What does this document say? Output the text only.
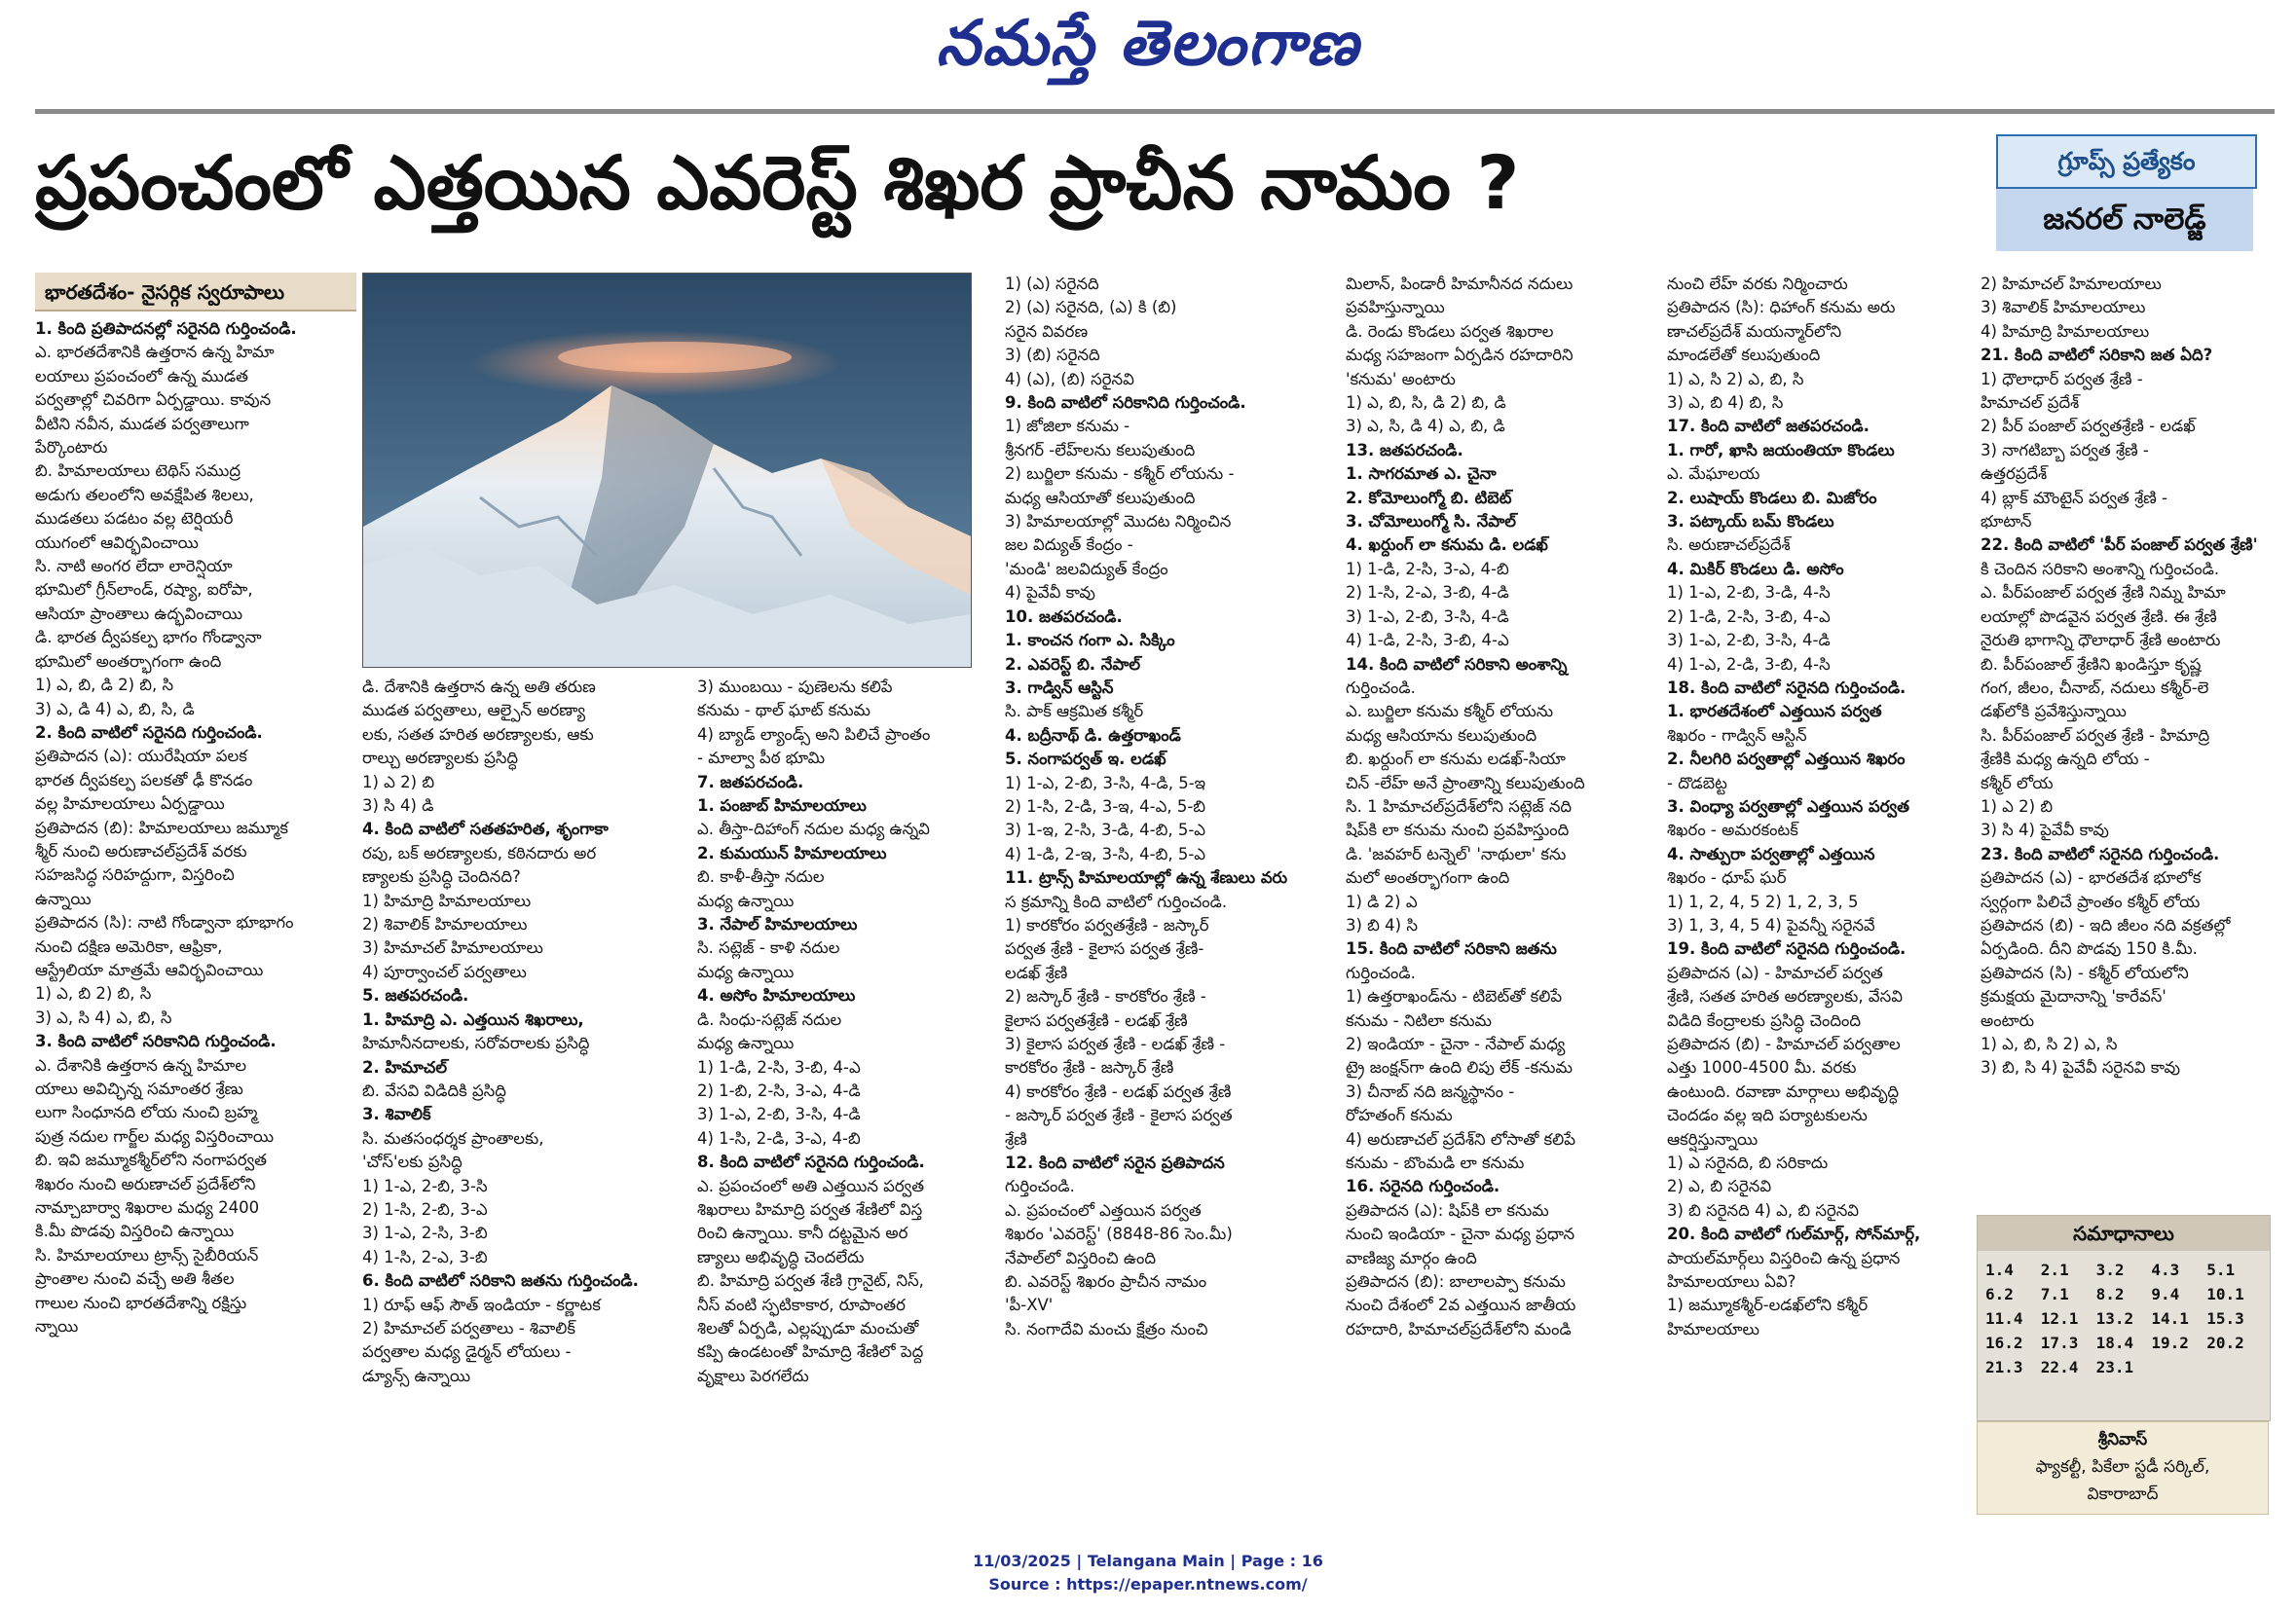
నమస్తే తెలంగాణ
ప్రపంచంలో ఎత్తయిన ఎవరెస్ట్ శిఖర ప్రాచీన నామం ?	గ్రూప్స్ ప్రత్యేకం
జనరల్ నాలెడ్జ్
భారతదేశం- నైసర్గిక స్వరూపాలు

1. కింది ప్రతిపాదనల్లో సరైనది గుర్తించండి.

ఎ. భారతదేశానికి ఉత్తరాన ఉన్న హిమా

లయాలు ప్రపంచంలో ఉన్న ముడత

పర్వతాల్లో చివరిగా ఏర్పడ్డాయి. కావున

వీటిని నవీన, ముడత పర్వతాలుగా

పేర్కొంటారు

బి. హిమాలయాలు టెథిస్ సముద్ర

అడుగు తలంలోని అవక్షేపిత శిలలు,

ముడతలు పడటం వల్ల టెర్షియరీ

యుగంలో ఆవిర్భవించాయి

సి. నాటి అంగర లేదా లారెన్షియా

భూమిలో గ్రీన్‌లాండ్, రష్యా, ఐరోపా,

ఆసియా ప్రాంతాలు ఉద్భవించాయి

డి. భారత ద్వీపకల్ప భాగం గోండ్వానా

భూమిలో అంతర్భాగంగా ఉంది

1) ఎ, బి, డి 2) బి, సి

3) ఎ, డి 4) ఎ, బి, సి, డి

2. కింది వాటిలో సరైనది గుర్తించండి.

ప్రతిపాదన (ఎ): యురేషియా పలక

భారత ద్వీపకల్ప పలకతో ఢీ కొనడం

వల్ల హిమాలయాలు ఏర్పడ్డాయి

ప్రతిపాదన (బి): హిమాలయాలు జమ్మూక

శ్మీర్ నుంచి అరుణాచల్‌ప్రదేశ్ వరకు

సహజసిద్ధ సరిహద్దుగా, విస్తరించి

ఉన్నాయి

ప్రతిపాదన (సి): నాటి గోండ్వానా భూభాగం

నుంచి దక్షిణ అమెరికా, ఆఫ్రికా,

ఆస్ట్రేలియా మాత్రమే ఆవిర్భవించాయి

1) ఎ, బి 2) బి, సి

3) ఎ, సి 4) ఎ, బి, సి

3. కింది వాటిలో సరికానిది గుర్తించండి.

ఎ. దేశానికి ఉత్తరాన ఉన్న హిమాల

యాలు అవిచ్ఛిన్న సమాంతర శ్రేణు

లుగా సింధూనది లోయ నుంచి బ్రహ్మ

పుత్ర నదుల గార్జ్‌ల మధ్య విస్తరించాయి

బి. ఇవి జమ్మూకశ్మీర్‌లోని నంగాపర్వత

శిఖరం నుంచి అరుణాచల్ ప్రదేశ్‌లోని

నామ్చాబార్వా శిఖరాల మధ్య 2400

కి.మీ పొడవు విస్తరించి ఉన్నాయి

సి. హిమాలయాలు ట్రాన్స్ సైబీరియన్

ప్రాంతాల నుంచి వచ్చే అతి శీతల

గాలుల నుంచి భారతదేశాన్ని రక్షిస్తు

న్నాయి

డి. దేశానికి ఉత్తరాన ఉన్న అతి తరుణ

ముడత పర్వతాలు, ఆల్పైన్ అరణ్యా

లకు, సతత హరిత అరణ్యాలకు, ఆకు

రాల్చు అరణ్యాలకు ప్రసిద్ధి

1) ఎ 2) బి

3) సి 4) డి

4. కింది వాటిలో సతతహరిత, శృంగాకా

రపు, బక్ అరణ్యాలకు, కఠినదారు అర

ణ్యాలకు ప్రసిద్ధి చెందినది?

1) హిమాద్రి హిమాలయాలు

2) శివాలిక్ హిమాలయాలు

3) హిమాచల్ హిమాలయాలు

4) పూర్వాంచల్ పర్వతాలు

5. జతపరచండి.

1. హిమాద్రి ఎ. ఎత్తయిన శిఖరాలు,

హిమానీనదాలకు, సరోవరాలకు ప్రసిద్ధి

2. హిమాచల్

బి. వేసవి విడిదికి ప్రసిద్ధి

3. శివాలిక్

సి. మతసంధర్శక ప్రాంతాలకు,

'చోస్'లకు ప్రసిద్ధి

1) 1-ఎ, 2-బి, 3-సి

2) 1-సి, 2-బి, 3-ఎ

3) 1-ఎ, 2-సి, 3-బి

4) 1-సి, 2-ఎ, 3-బి

6. కింది వాటిలో సరికాని జతను గుర్తించండి.

1) రూఫ్ ఆఫ్ సౌత్ ఇండియా - కర్ణాటక

2) హిమాచల్ పర్వతాలు - శివాలిక్

పర్వతాల మధ్య డైర్మన్ లోయలు -

డ్యూన్స్ ఉన్నాయి

3) ముంబయి - పుణెలను కలిపే

కనుమ - థాల్ ఘాట్ కనుమ

4) బ్యాడ్ ల్యాండ్స్ అని పిలిచే ప్రాంతం

- మాల్వా పీఠ భూమి

7. జతపరచండి.

1. పంజాబ్ హిమాలయాలు

ఎ. తీస్తా-దిహాంగ్ నదుల మధ్య ఉన్నవి

2. కుమయున్ హిమాలయాలు

బి. కాళీ-తీస్తా నదుల

మధ్య ఉన్నాయి

3. నేపాల్ హిమాలయాలు

సి. సట్లెజ్ - కాళి నదుల

మధ్య ఉన్నాయి

4. అసోం హిమాలయాలు

డి. సింధు-సట్లెజ్ నదుల

మధ్య ఉన్నాయి

1) 1-డి, 2-సి, 3-బి, 4-ఎ

2) 1-బి, 2-సి, 3-ఎ, 4-డి

3) 1-ఎ, 2-బి, 3-సి, 4-డి

4) 1-సి, 2-డి, 3-ఎ, 4-బి

8. కింది వాటిలో సరైనది గుర్తించండి.

ఎ. ప్రపంచంలో అతి ఎత్తయిన పర్వత

శిఖరాలు హిమాద్రి పర్వత శేణిలో విస్త

రించి ఉన్నాయి. కానీ దట్టమైన అర

ణ్యాలు అభివృద్ధి చెందలేదు

బి. హిమాద్రి పర్వత శేణి గ్రానైట్, నిస్,

నీస్ వంటి స్ఫటికాకార, రూపాంతర

శిలతో ఏర్పడి, ఎల్లప్పుడూ మంచుతో

కప్పి ఉండటంతో హిమాద్రి శేణిలో పెద్ద

వృక్షాలు పెరగలేదు

1) (ఎ) సరైనది

2) (ఎ) సరైనది, (ఎ) కి (బి)

సరైన వివరణ

3) (బి) సరైనది

4) (ఎ), (బి) సరైనవి

9. కింది వాటిలో సరికానిది గుర్తించండి.

1) జోజిలా కనుమ -

శ్రీనగర్ -లేహ్‌లను కలుపుతుంది

2) బుర్జిలా కనుమ - కశ్మీర్ లోయను -

మధ్య ఆసియాతో కలుపుతుంది

3) హిమాలయాల్లో మొదట నిర్మించిన

జల విద్యుత్ కేంద్రం -

'మండి' జలవిద్యుత్ కేంద్రం

4) పైవేవీ కావు

10. జతపరచండి.

1. కాంచన గంగా ఎ. సిక్కిం

2. ఎవరెస్ట్ బి. నేపాల్

3. గాడ్విన్ ఆస్టిన్

సి. పాక్ ఆక్రమిత కశ్మీర్

4. బద్రీనాథ్ డి. ఉత్తరాఖండ్

5. నంగాపర్వత్ ఇ. లడఖ్

1) 1-ఎ, 2-బి, 3-సి, 4-డి, 5-ఇ

2) 1-సి, 2-డి, 3-ఇ, 4-ఎ, 5-బి

3) 1-ఇ, 2-సి, 3-డి, 4-బి, 5-ఎ

4) 1-డి, 2-ఇ, 3-సి, 4-బి, 5-ఎ

11. ట్రాన్స్ హిమాలయాల్లో ఉన్న శేణులు వరు

స క్రమాన్ని కింది వాటిలో గుర్తించండి.

1) కారకోరం పర్వతశ్రేణి - జస్కార్

పర్వత శ్రేణి - కైలాస పర్వత శ్రేణి-

లడఖ్ శ్రేణి

2) జస్కార్ శ్రేణి - కారకోరం శ్రేణి -

కైలాస పర్వతశ్రేణి - లడఖ్ శ్రేణి

3) కైలాస పర్వత శ్రేణి - లడఖ్ శ్రేణి -

కారకోరం శ్రేణి - జస్కార్ శ్రేణి

4) కారకోరం శ్రేణి - లడఖ్ పర్వత శ్రేణి

- జస్కార్ పర్వత శ్రేణి - కైలాస పర్వత

శ్రేణి

12. కింది వాటిలో సరైన ప్రతిపాదన

గుర్తించండి.

ఎ. ప్రపంచంలో ఎత్తయిన పర్వత

శిఖరం 'ఎవరెస్ట్' (8848-86 సెం.మీ)

నేపాల్‌లో విస్తరించి ఉంది

బి. ఎవరెస్ట్ శిఖరం ప్రాచీన నామం

'పీ-XV'

సి. నంగాదేవి మంచు క్షేత్రం నుంచి

మిలాన్, పిండారీ హిమానీనద నదులు

ప్రవహిస్తున్నాయి

డి. రెండు కొండలు పర్వత శిఖరాల

మధ్య సహజంగా ఏర్పడిన రహదారిని

'కనుమ' అంటారు

1) ఎ, బి, సి, డి 2) బి, డి

3) ఎ, సి, డి 4) ఎ, బి, డి

13. జతపరచండి.

1. సాగరమాత ఎ. చైనా

2. కోమోలుంగ్మో బి. టిబెట్

3. చోమోలుంగ్మో సి. నేపాల్

4. ఖర్దుంగ్ లా కనుమ డి. లడఖ్

1) 1-డి, 2-సి, 3-ఎ, 4-బి

2) 1-సి, 2-ఎ, 3-బి, 4-డి

3) 1-ఎ, 2-బి, 3-సి, 4-డి

4) 1-డి, 2-సి, 3-బి, 4-ఎ

14. కింది వాటిలో సరికాని అంశాన్ని

గుర్తించండి.

ఎ. బుర్జిలా కనుమ కశ్మీర్ లోయను

మధ్య ఆసియాను కలుపుతుంది

బి. ఖర్దుంగ్ లా కనుమ లడఖ్-సియా

చిన్ -లేహ్ అనే ప్రాంతాన్ని కలుపుతుంది

సి. 1 హిమాచల్‌ప్రదేశ్‌లోని సట్లెజ్ నది

షిప్‌కి లా కనుమ నుంచి ప్రవహిస్తుంది

డి. 'జవహర్ టన్నెల్' 'నాథులా' కను

మలో అంతర్భాగంగా ఉంది

1) డి 2) ఎ

3) బి 4) సి

15. కింది వాటిలో సరికాని జతను

గుర్తించండి.

1) ఉత్తరాఖండ్‌ను - టిబెట్‌తో కలిపే

కనుమ - నిటిలా కనుమ

2) ఇండియా - చైనా - నేపాల్ మధ్య

ట్రై జంక్షన్‌గా ఉంది లిపు లేక్ -కనుమ

3) చీనాబ్ నది జన్మస్థానం -

రోహతంగ్ కనుమ

4) అరుణాచల్ ప్రదేశ్‌ని లోసాతో కలిపే

కనుమ - బొంమడి లా కనుమ

16. సరైనది గుర్తించండి.

ప్రతిపాదన (ఎ): షిప్‌కి లా కనుమ

నుంచి ఇండియా - చైనా మధ్య ప్రధాన

వాణిజ్య మార్గం ఉంది

ప్రతిపాదన (బి): బాలాలప్పా కనుమ

నుంచి దేశంలో 2వ ఎత్తయిన జాతీయ

రహదారి, హిమాచల్‌ప్రదేశ్‌లోని మండి

నుంచి లేహ్ వరకు నిర్మించారు

ప్రతిపాదన (సి): ధిహాంగ్ కనుమ అరు

ణాచల్‌ప్రదేశ్ మయన్మార్‌లోని

మాండలేతో కలుపుతుంది

1) ఎ, సి 2) ఎ, బి, సి

3) ఎ, బి 4) బి, సి

17. కింది వాటిలో జతపరచండి.

1. గారో, ఖాసి జయంతియా కొండలు

ఎ. మేఘాలయ

2. లుషాయ్ కొండలు బి. మిజోరం

3. పట్కాయ్ బమ్ కొండలు

సి. అరుణాచల్‌ప్రదేశ్

4. మికిర్ కొండలు డి. అసోం

1) 1-ఎ, 2-బి, 3-డి, 4-సి

2) 1-డి, 2-సి, 3-బి, 4-ఎ

3) 1-ఎ, 2-బి, 3-సి, 4-డి

4) 1-ఎ, 2-డి, 3-బి, 4-సి

18. కింది వాటిలో సరైనది గుర్తించండి.

1. భారతదేశంలో ఎత్తయిన పర్వత

శిఖరం - గాడ్విన్ ఆస్టిన్

2. నీలగిరి పర్వతాల్లో ఎత్తయిన శిఖరం

- దొడబెట్ట

3. వింధ్యా పర్వతాల్లో ఎత్తయిన పర్వత

శిఖరం - అమరకంటక్

4. సాత్పురా పర్వతాల్లో ఎత్తయిన

శిఖరం - ధూప్ ఘర్

1) 1, 2, 4, 5 2) 1, 2, 3, 5

3) 1, 3, 4, 5 4) పైవన్నీ సరైనవే

19. కింది వాటిలో సరైనది గుర్తించండి.

ప్రతిపాదన (ఎ) - హిమాచల్ పర్వత

శ్రేణి, సతత హరిత అరణ్యాలకు, వేసవి

విడిది కేంద్రాలకు ప్రసిద్ధి చెందింది

ప్రతిపాదన (బి) - హిమాచల్ పర్వతాల

ఎత్తు 1000-4500 మీ. వరకు

ఉంటుంది. రవాణా మార్గాలు అభివృద్ధి

చెందడం వల్ల ఇది పర్యాటకులను

ఆకర్షిస్తున్నాయి

1) ఎ సరైనది, బి సరికాదు

2) ఎ, బి సరైనవి

3) బి సరైనది 4) ఎ, బి సరైనవి

20. కింది వాటిలో గుల్‌మార్గ్, సోన్‌మార్గ్,

పాయల్‌మార్గ్‌లు విస్తరించి ఉన్న ప్రధాన

హిమాలయాలు ఏవి?

1) జమ్మూకశ్మీర్-లడఖ్‌లోని కశ్మీర్

హిమాలయాలు

2) హిమాచల్ హిమాలయాలు

3) శివాలిక్ హిమాలయాలు

4) హిమాద్రి హిమాలయాలు

21. కింది వాటిలో సరికాని జత ఏది?

1) ధౌలాధార్ పర్వత శ్రేణి -

హిమాచల్ ప్రదేశ్

2) పీర్ పంజాల్ పర్వతశ్రేణి - లడఖ్

3) నాగటిబ్బా పర్వత శ్రేణి -

ఉత్తరప్రదేశ్

4) బ్లాక్ మౌంటైన్ పర్వత శ్రేణి -

భూటాన్

22. కింది వాటిలో 'పీర్ పంజాల్ పర్వత శ్రేణి'

కి చెందిన సరికాని అంశాన్ని గుర్తించండి.

ఎ. పీర్‌పంజాల్ పర్వత శ్రేణి నిమ్న హిమా

లయాల్లో పొడవైన పర్వత శ్రేణి. ఈ శ్రేణి

నైరుతి భాగాన్ని ధౌలాధార్ శ్రేణి అంటారు

బి. పీర్‌పంజాల్ శ్రేణిని ఖండిస్తూ కృష్ణ

గంగ, జీలం, చీనాబ్, నదులు కశ్మీర్-లె

డఖ్‌లోకి ప్రవేశిస్తున్నాయి

సి. పీర్‌పంజాల్ పర్వత శ్రేణి - హిమాద్రి

శ్రేణికి మధ్య ఉన్నది లోయ -

కశ్మీర్ లోయ

1) ఎ 2) బి

3) సి 4) పైవేవీ కావు

23. కింది వాటిలో సరైనది గుర్తించండి.

ప్రతిపాదన (ఎ) - భారతదేశ భూలోక

స్వర్గంగా పిలిచే ప్రాంతం కశ్మీర్ లోయ

ప్రతిపాదన (బి) - ఇది జీలం నది వక్రతల్లో

ఏర్పడింది. దీని పొడవు 150 కి.మీ.

ప్రతిపాదన (సి) - కశ్మీర్ లోయలోని

క్రమక్షయ మైదానాన్ని 'కారేవస్'

అంటారు

1) ఎ, బి, సి 2) ఎ, సి

3) బి, సి 4) పైవేవీ సరైనవి కావు

సమాధానాలు
1.4	2.1	3.2	4.3	5.1
6.2	7.1	8.2	9.4	10.1
11.4	12.1	13.2	14.1	15.3
16.2	17.3	18.4	19.2	20.2
21.3	22.4	23.1
శ్రీనివాస్
ఫ్యాకల్టీ, పికేలా స్టడీ సర్కిల్,
వికారాబాద్
11/03/2025 | Telangana Main | Page : 16
Source : https://epaper.ntnews.com/
